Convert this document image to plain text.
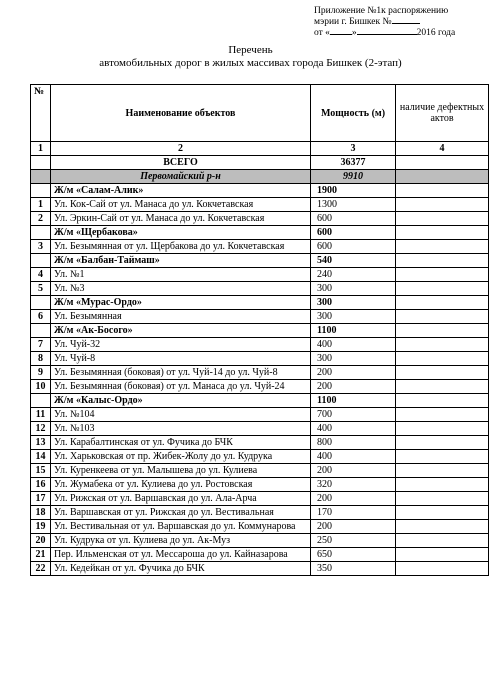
Приложение №1к распоряжению
мэрии г. Бишкек №
от « »	2016 года
Перечень
автомобильных дорог в жилых массивах города Бишкек (2-этап)
№	Наименование объектов	Мощность (м)	наличие дефектных актов
1	2	3	4
	ВСЕГО	36377	
	Первомайский р-н	9910	
	Ж/м «Салам-Алик»	1900	
1	Ул. Кок-Сай от ул. Манаса до ул. Кокчетавская	1300	
2	Ул. Эркин-Сай от ул. Манаса до ул. Кокчетавская	600	
	Ж/м «Щербакова»	600	
3	Ул. Безымянная от ул. Щербакова до ул. Кокчетавская	600	
	Ж/м «Балбан-Таймаш»	540	
4	Ул. №1	240	
5	Ул. №3	300	
	Ж/м «Мурас-Ордо»	300	
6	Ул. Безымянная	300	
	Ж/м «Ак-Босого»	1100	
7	Ул. Чуй-32	400	
8	Ул. Чуй-8	300	
9	Ул. Безымянная (боковая) от ул. Чуй-14 до ул. Чуй-8	200	
10	Ул. Безымянная (боковая) от ул. Манаса до ул. Чуй-24	200	
	Ж/м «Калыс-Ордо»	1100	
11	Ул. №104	700	
12	Ул. №103	400	
13	Ул. Карабалтинская от ул. Фучика до БЧК	800	
14	Ул. Харьковская от пр. Жибек-Жолу до ул. Кудрука	400	
15	Ул. Куренкеева от ул. Малышева до ул. Кулиева	200	
16	Ул. Жумабека от ул. Кулиева до ул. Ростовская	320	
17	Ул. Рижская от ул. Варшавская до ул. Ала-Арча	200	
18	Ул. Варшавская от ул. Рижская до ул. Вестивальная	170	
19	Ул. Вестивальная от ул. Варшавская до ул. Коммунарова	200	
20	Ул. Кудрука от ул. Кулиева до ул. Ак-Муз	250	
21	Пер. Ильменская от ул. Мессароша до ул. Кайназарова	650	
22	Ул. Кедейкан от ул. Фучика до БЧК	350	
